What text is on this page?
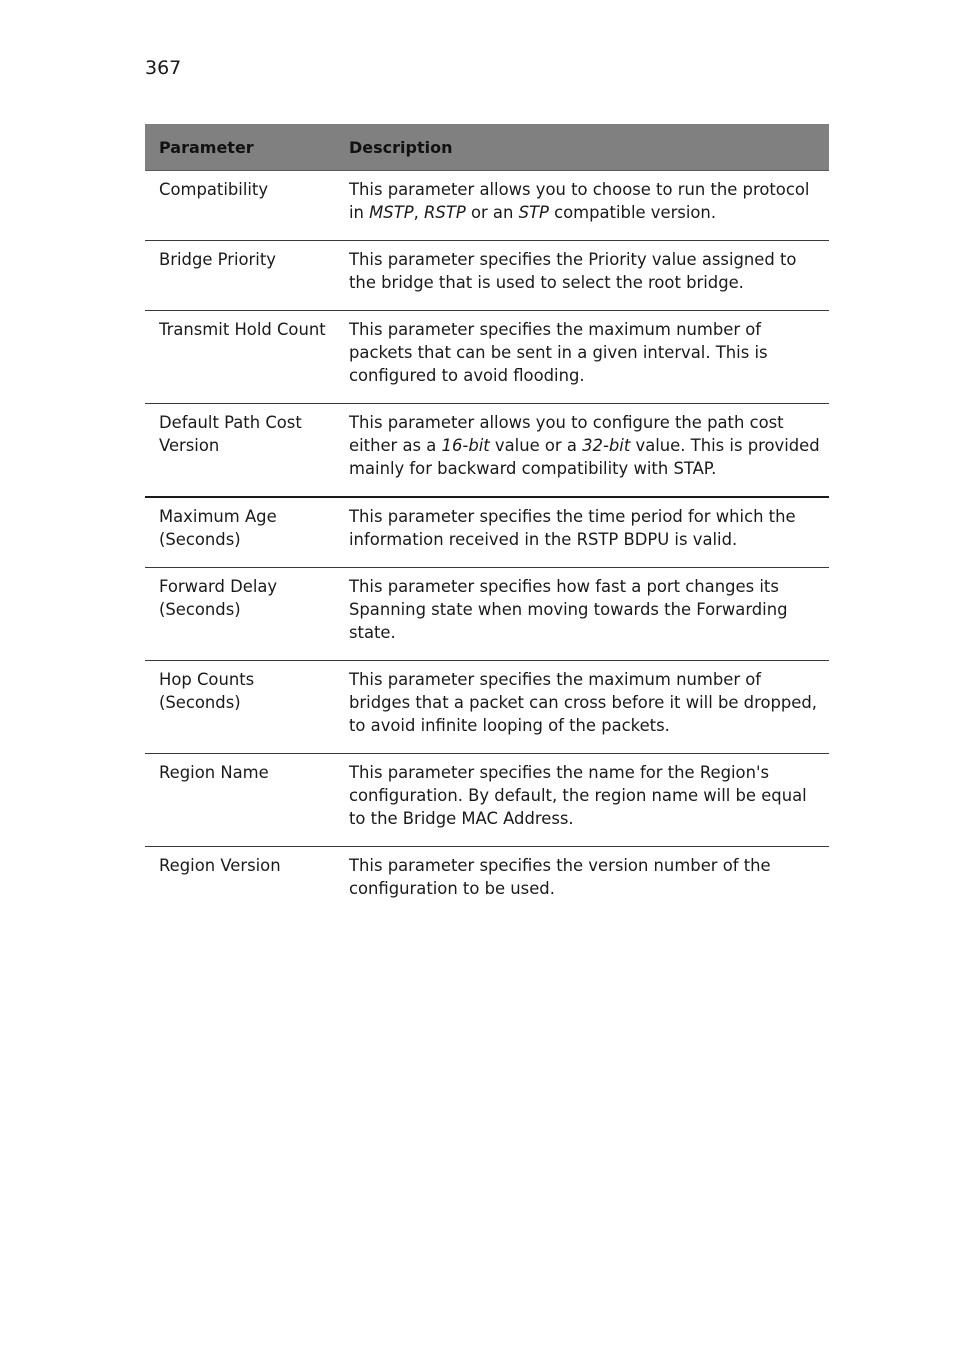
367
Parameter	Description
Compatibility	This parameter allows you to choose to run the protocol in MSTP, RSTP or an STP compatible version.
Bridge Priority	This parameter specifies the Priority value assigned to the bridge that is used to select the root bridge.
Transmit Hold Count	This parameter specifies the maximum number of packets that can be sent in a given interval. This is configured to avoid flooding.
Default Path Cost Version	This parameter allows you to configure the path cost either as a 16-bit value or a 32-bit value. This is provided mainly for backward compatibility with STAP.
Maximum Age (Seconds)	This parameter specifies the time period for which the information received in the RSTP BDPU is valid.
Forward Delay (Seconds)	This parameter specifies how fast a port changes its Spanning state when moving towards the Forwarding state.
Hop Counts (Seconds)	This parameter specifies the maximum number of bridges that a packet can cross before it will be dropped, to avoid infinite looping of the packets.
Region Name	This parameter specifies the name for the Region's configuration. By default, the region name will be equal to the Bridge MAC Address.
Region Version	This parameter specifies the version number of the configuration to be used.
